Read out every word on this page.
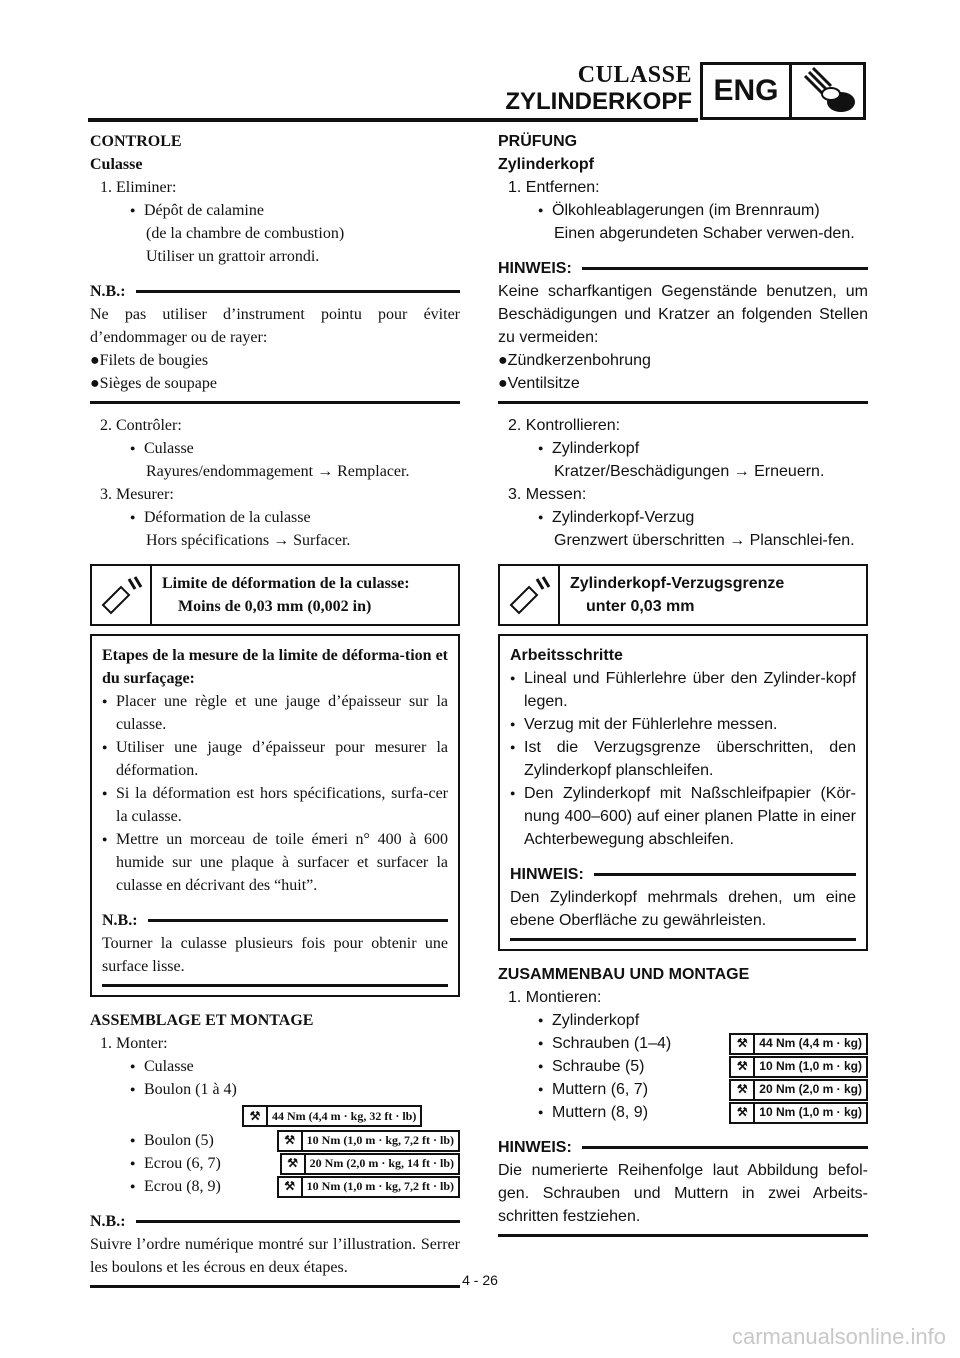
CULASSE
ZYLINDERKOPF ENG
CONTROLE
Culasse
1. Eliminer:
● Dépôt de calamine
(de la chambre de combustion)
Utiliser un grattoir arrondi.
N.B.:
Ne pas utiliser d’instrument pointu pour éviter d’endommager ou de rayer:
●Filets de bougies
●Sièges de soupape
2. Contrôler:
● Culasse
Rayures/endommagement → Remplacer.
3. Mesurer:
● Déformation de la culasse
Hors spécifications → Surfacer.
Limite de déformation de la culasse:
Moins de 0,03 mm (0,002 in)
Etapes de la mesure de la limite de déforma-tion et du surfaçage:
● Placer une règle et une jauge d’épaisseur sur la culasse.
● Utiliser une jauge d’épaisseur pour mesurer la déformation.
● Si la déformation est hors spécifications, surfa-cer la culasse.
● Mettre un morceau de toile émeri n° 400 à 600 humide sur une plaque à surfacer et surfacer la culasse en décrivant des “huit”.
N.B.:
Tourner la culasse plusieurs fois pour obtenir une surface lisse.
ASSEMBLAGE ET MONTAGE
1. Monter:
● Culasse
● Boulon (1 à 4)
⚒ 44 Nm (4,4 m · kg, 32 ft · lb)
● Boulon (5)	⚒ 10 Nm (1,0 m · kg, 7,2 ft · lb)
● Ecrou (6, 7)	⚒ 20 Nm (2,0 m · kg, 14 ft · lb)
● Ecrou (8, 9)	⚒ 10 Nm (1,0 m · kg, 7,2 ft · lb)
N.B.:
Suivre l’ordre numérique montré sur l’illustration. Serrer les boulons et les écrous en deux étapes.
PRÜFUNG
Zylinderkopf
1. Entfernen:
● Ölkohleablagerungen (im Brennraum)
Einen abgerundeten Schaber verwen-den.
HINWEIS:
Keine scharfkantigen Gegenstände benutzen, um Beschädigungen und Kratzer an folgenden Stellen zu vermeiden:
●Zündkerzenbohrung
●Ventilsitze
2. Kontrollieren:
● Zylinderkopf
Kratzer/Beschädigungen → Erneuern.
3. Messen:
● Zylinderkopf-Verzug
Grenzwert überschritten → Planschlei-fen.
Zylinderkopf-Verzugsgrenze
unter 0,03 mm
Arbeitsschritte
● Lineal und Fühlerlehre über den Zylinder-kopf legen.
● Verzug mit der Fühlerlehre messen.
● Ist die Verzugsgrenze überschritten, den Zylinderkopf planschleifen.
● Den Zylinderkopf mit Naßschleifpapier (Kör-nung 400–600) auf einer planen Platte in einer Achterbewegung abschleifen.
HINWEIS:
Den Zylinderkopf mehrmals drehen, um eine ebene Oberfläche zu gewährleisten.
ZUSAMMENBAU UND MONTAGE
1. Montieren:
● Zylinderkopf
● Schrauben (1–4)	⚒ 44 Nm (4,4 m · kg)
● Schraube (5)	⚒ 10 Nm (1,0 m · kg)
● Muttern (6, 7)	⚒ 20 Nm (2,0 m · kg)
● Muttern (8, 9)	⚒ 10 Nm (1,0 m · kg)
HINWEIS:
Die numerierte Reihenfolge laut Abbildung befol-gen. Schrauben und Muttern in zwei Arbeits-schritten festziehen.
4 - 26
carmanualsonline.info
